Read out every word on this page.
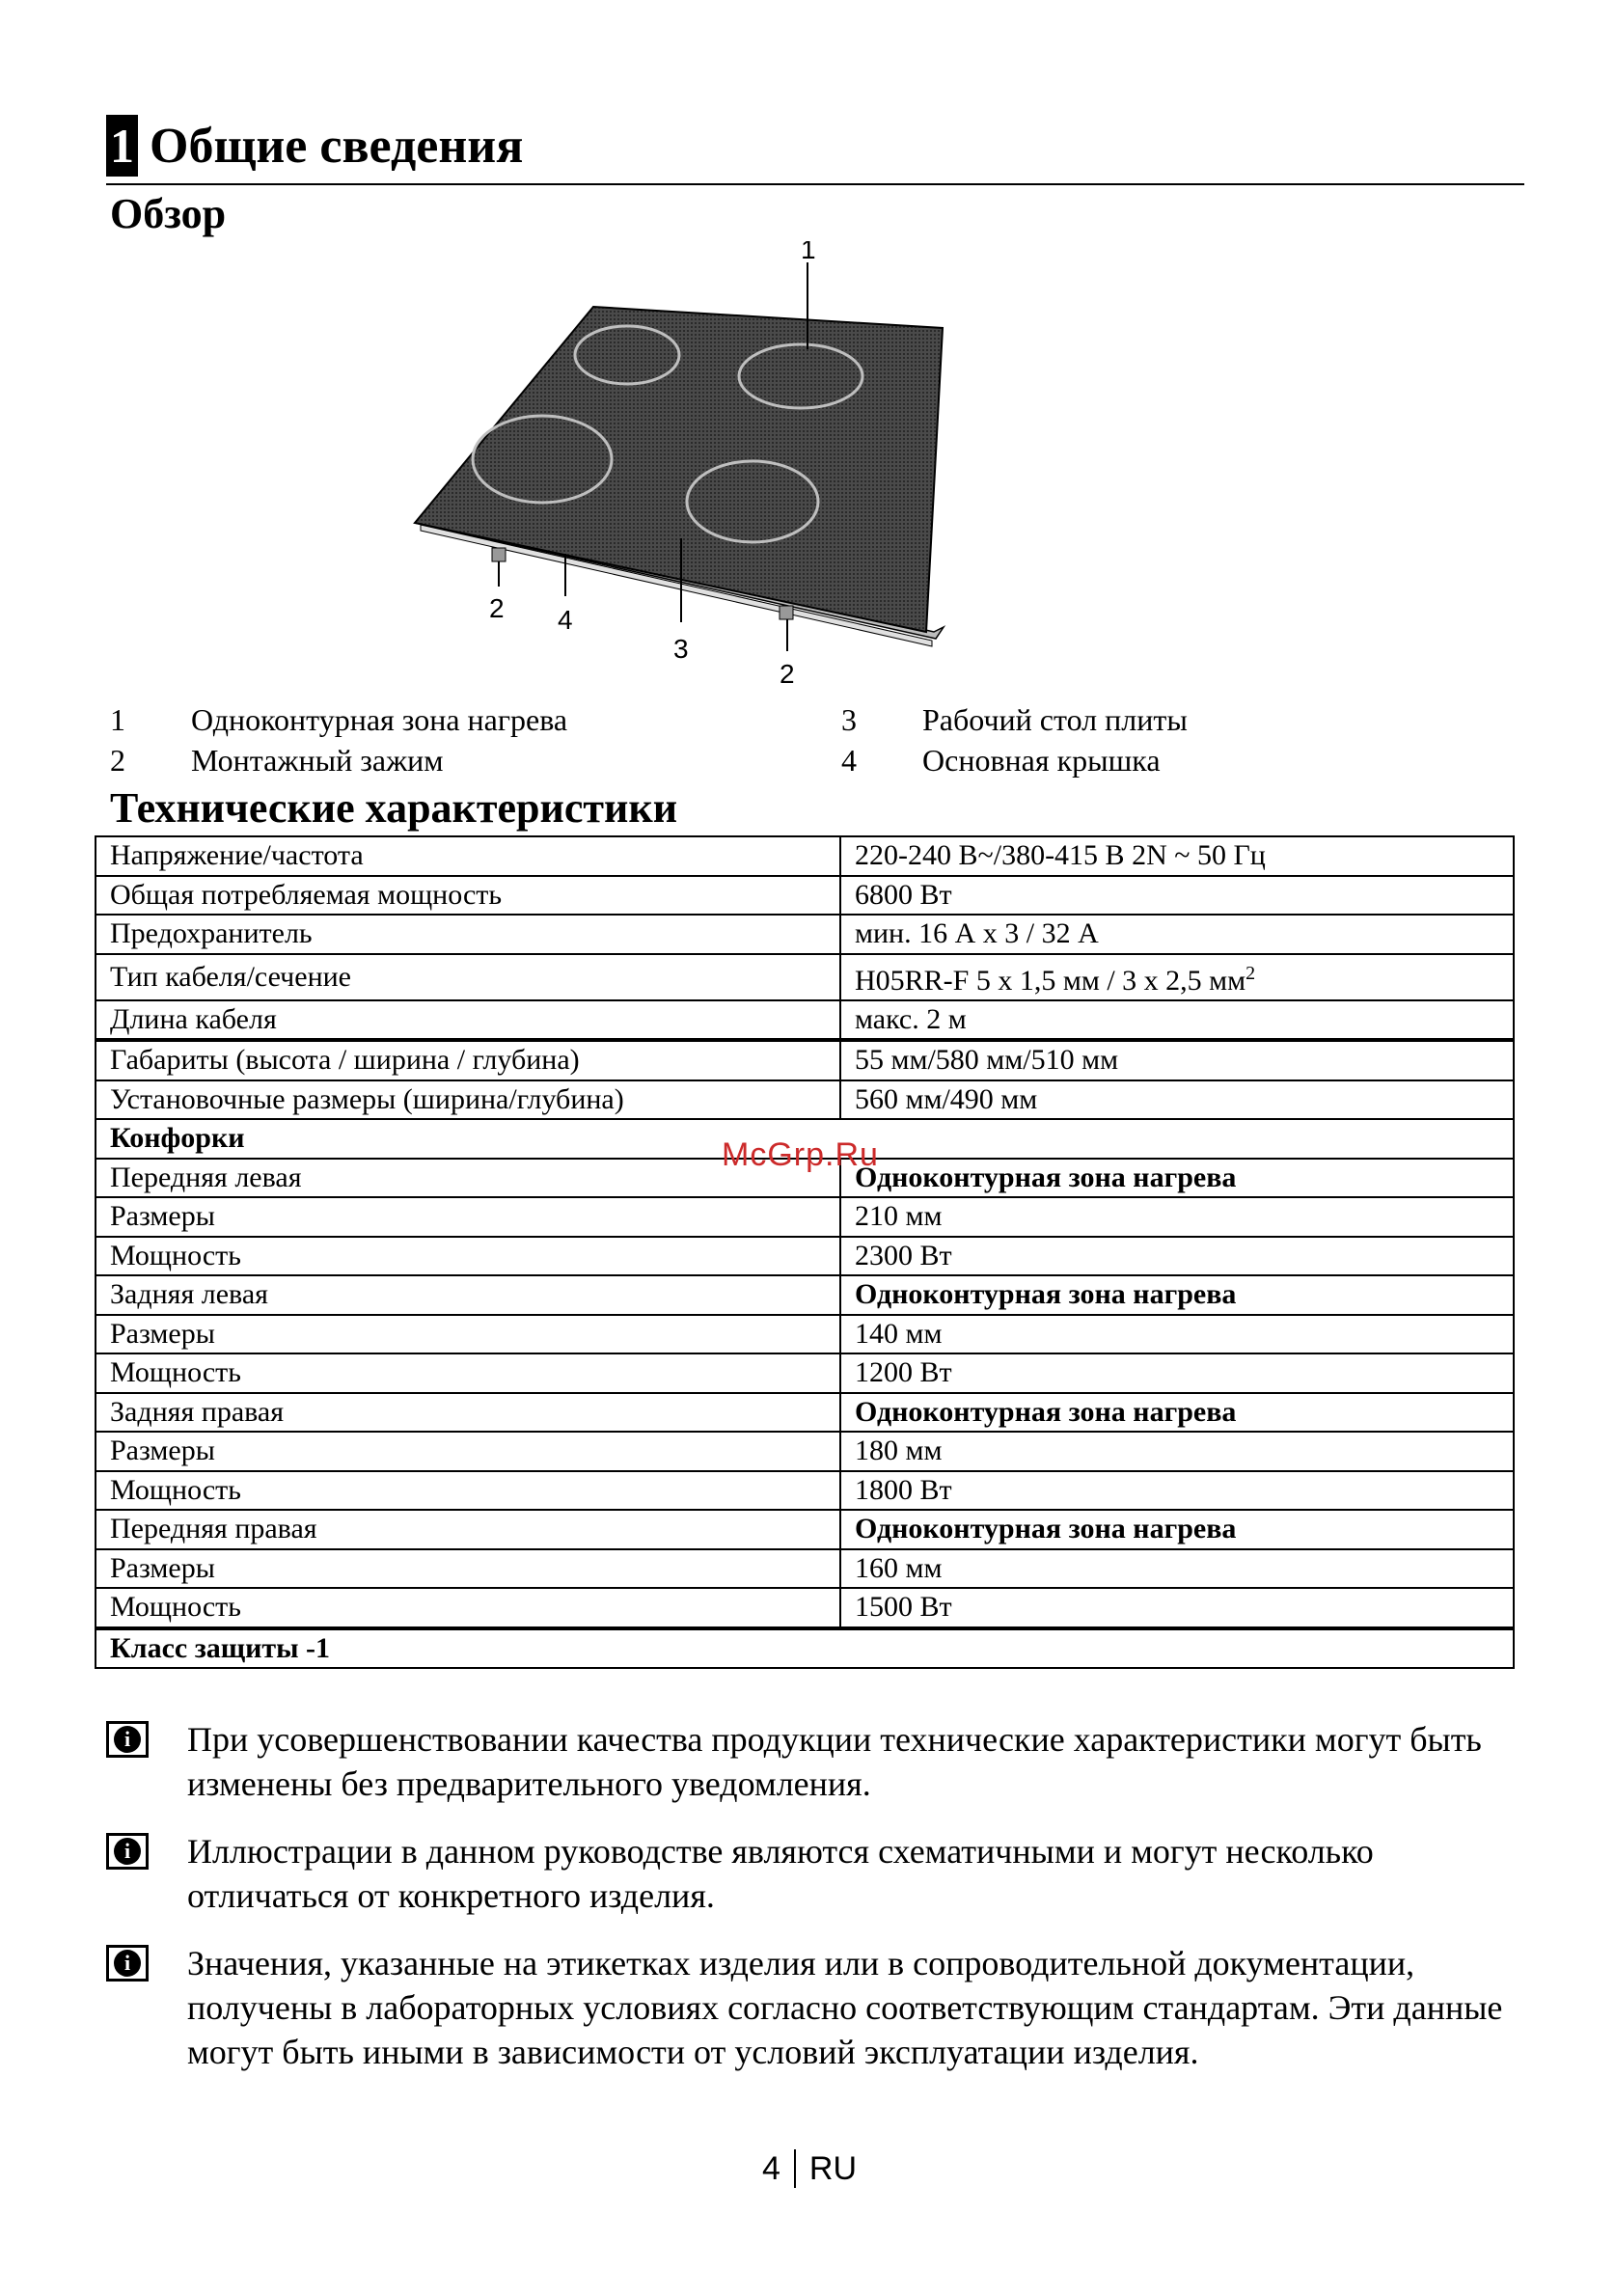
1 Общие сведения
Обзор
1
2 4
3
2
1	Одноконтурная зона нагрева
2	Монтажный зажим
3	Рабочий стол плиты
4	Основная крышка
Технические характеристики
Напряжение/частота	220-240 В~/380-415 В 2N ~ 50 Гц
Общая потребляемая мощность	6800 Вт
Предохранитель	мин. 16 А х 3 / 32 А
Тип кабеля/сечение	H05RR-F 5 x 1,5 мм / 3 x 2,5 $мм^2$
Длина кабеля	макс. 2 м
Габариты (высота / ширина / глубина)	55 мм/580 мм/510 мм
Установочные размеры (ширина/глубина)	560 мм/490 мм
Конфорки	
Передняя левая	Одноконтурная зона нагрева
Размеры	210 мм
Мощность	2300 Вт
Задняя левая	Одноконтурная зона нагрева
Размеры	140 мм
Мощность	1200 Вт
Задняя правая	Одноконтурная зона нагрева
Размеры	180 мм
Мощность	1800 Вт
Передняя правая	Одноконтурная зона нагрева
Размеры	160 мм
Мощность	1500 Вт
Класс защиты -1	
McGrp.Ru
i	При усовершенствовании качества продукции технические характеристики могут быть изменены без предварительного уведомления.
i	Иллюстрации в данном руководстве являются схематичными и могут несколько отличаться от конкретного изделия.
i	Значения, указанные на этикетках изделия или в сопроводительной документации, получены в лабораторных условиях согласно соответствующим стандартам. Эти данные могут быть иными в зависимости от условий эксплуатации изделия.
4 RU
